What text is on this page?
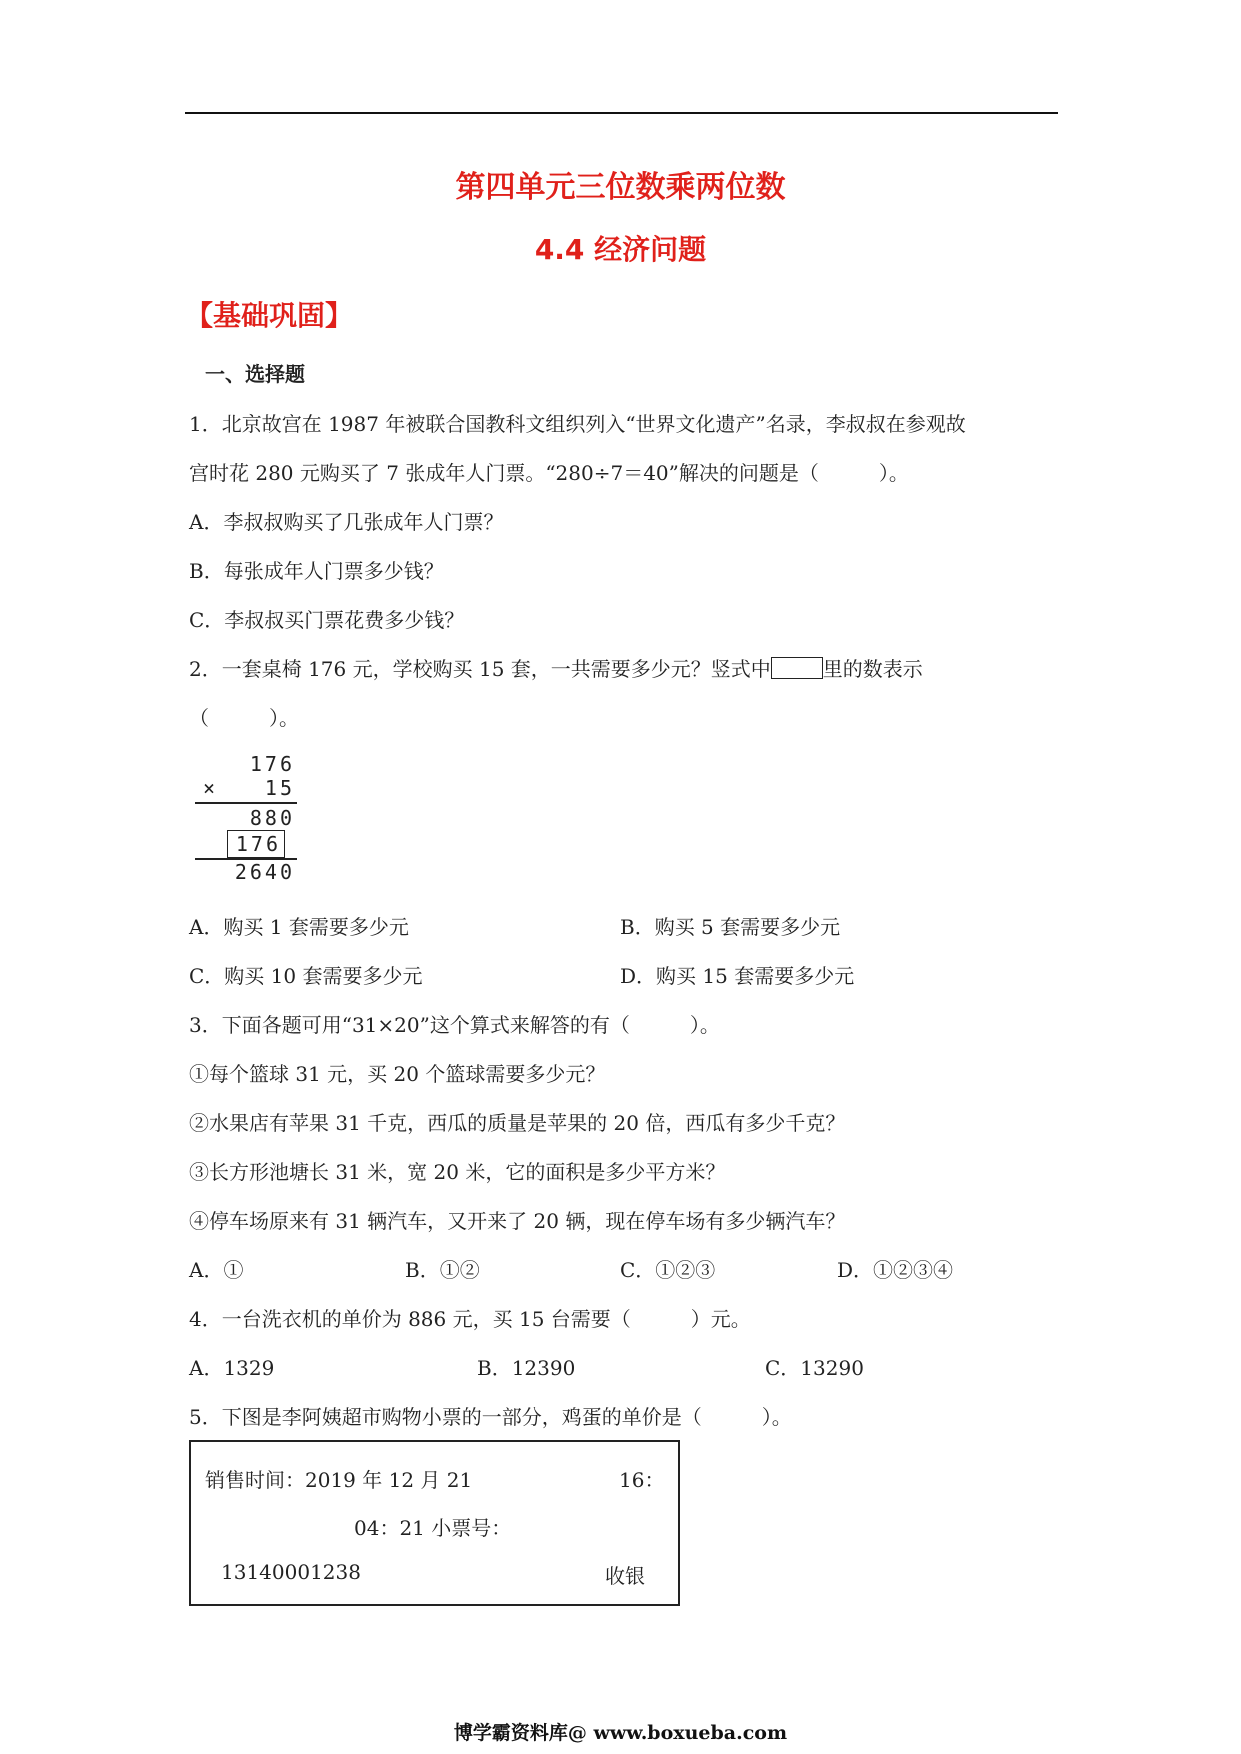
第四单元三位数乘两位数
4.4 经济问题
【基础巩固】
一、选择题
1．北京故宫在 1987 年被联合国教科文组织列入“世界文化遗产”名录，李叔叔在参观故
宫时花 280 元购买了 7 张成年人门票。“280÷7＝40”解决的问题是（　　　）。
A．李叔叔购买了几张成年人门票？
B．每张成年人门票多少钱？
C．李叔叔买门票花费多少钱？
2．一套桌椅 176 元，学校购买 15 套，一共需要多少元？竖式中	里的数表示
（　　　）。
176
× 15
880
176
2640
A．购买 1 套需要多少元	B．购买 5 套需要多少元
C．购买 10 套需要多少元	D．购买 15 套需要多少元
3．下面各题可用“31×20”这个算式来解答的有（　　　）。
①每个篮球 31 元，买 20 个篮球需要多少元？
②水果店有苹果 31 千克，西瓜的质量是苹果的 20 倍，西瓜有多少千克？
③长方形池塘长 31 米，宽 20 米，它的面积是多少平方米？
④停车场原来有 31 辆汽车，又开来了 20 辆，现在停车场有多少辆汽车？
A．①	B．①②	C．①②③	D．①②③④
4．一台洗衣机的单价为 886 元，买 15 台需要（　　　）元。
A．1329	B．12390	C．13290
5．下图是李阿姨超市购物小票的一部分，鸡蛋的单价是（　　　）。
销售时间：2019 年 12 月 21	16：
04：21 小票号：
13140001238	收银
博学霸资料库@ www.boxueba.com
